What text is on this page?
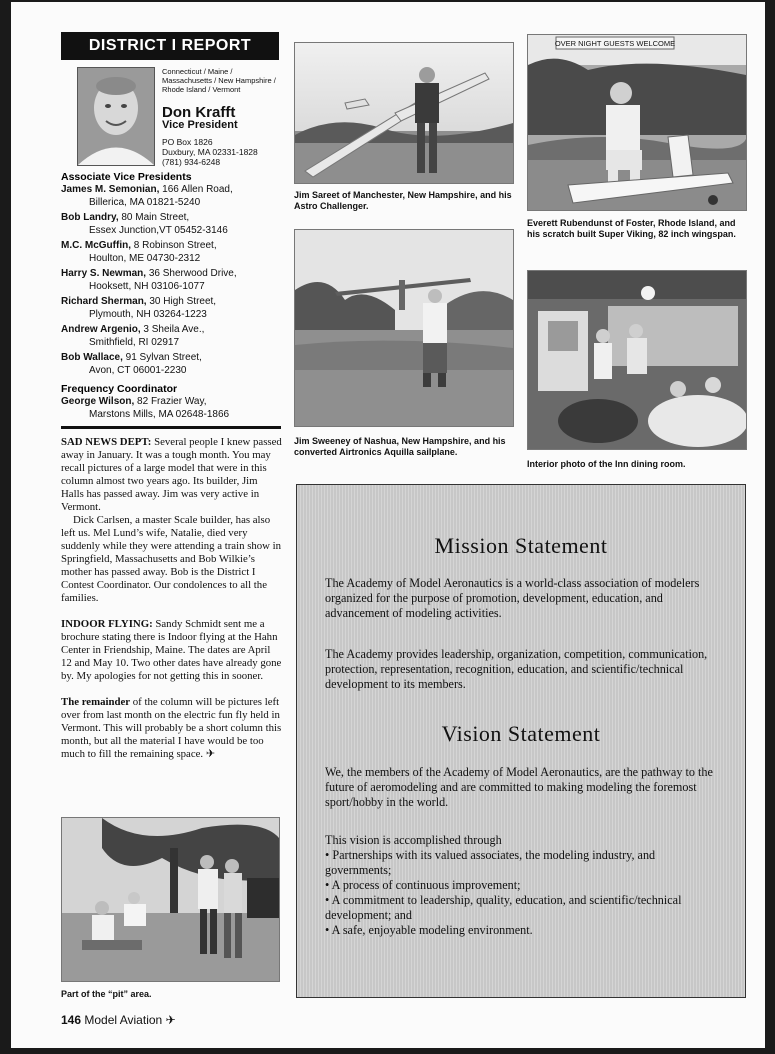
DISTRICT I REPORT
Connecticut / Maine / Massachusetts / New Hampshire / Rhode Island / Vermont
Don Krafft
Vice President
PO Box 1826
Duxbury, MA 02331-1828
(781) 934-6248
Associate Vice Presidents
James M. Semonian, 166 Allen Road,
Billerica, MA 01821-5240
Bob Landry, 80 Main Street,
Essex Junction,VT 05452-3146
M.C. McGuffin, 8 Robinson Street,
Houlton, ME 04730-2312
Harry S. Newman, 36 Sherwood Drive,
Hooksett, NH 03106-1077
Richard Sherman, 30 High Street,
Plymouth, NH 03264-1223
Andrew Argenio, 3 Sheila Ave.,
Smithfield, RI 02917
Bob Wallace, 91 Sylvan Street,
Avon, CT 06001-2230
Frequency Coordinator
George Wilson, 82 Frazier Way,
Marstons Mills, MA 02648-1866

SAD NEWS DEPT: Several people I knew passed away in January. It was a tough month. You may recall pictures of a large model that were in this column almost two years ago. Its builder, Jim Halls has passed away. Jim was very active in Vermont.

Dick Carlsen, a master Scale builder, has also left us. Mel Lund’s wife, Natalie, died very suddenly while they were attending a train show in Springfield, Massachusetts and Bob Wilkie’s mother has passed away. Bob is the District I Contest Coordinator. Our condolences to all the families.

INDOOR FLYING: Sandy Schmidt sent me a brochure stating there is Indoor flying at the Hahn Center in Friendship, Maine. The dates are April 12 and May 10. Two other dates have already gone by. My apologies for not getting this in sooner.

The remainder of the column will be pictures left over from last month on the electric fun fly held in Vermont. This will probably be a short column this month, but all the material I have would be too much to fill the remaining space. ✈

Jim Sareet of Manchester, New Hampshire, and his Astro Challenger.
OVER NIGHT GUESTS WELCOME
Everett Rubendunst of Foster, Rhode Island, and his scratch built Super Viking, 82 inch wingspan.
Jim Sweeney of Nashua, New Hampshire, and his converted Airtronics Aquilla sailplane.
Interior photo of the Inn dining room.
Part of the “pit” area.
Mission Statement
The Academy of Model Aeronautics is a world-class association of modelers organized for the purpose of promotion, development, education, and advancement of modeling activities.
The Academy provides leadership, organization, competition, communication, protection, representation, recognition, education, and scientific/technical development to its members.
Vision Statement
We, the members of the Academy of Model Aeronautics, are the pathway to the future of aeromodeling and are committed to making modeling the foremost sport/hobby in the world.
This vision is accomplished through
• Partnerships with its valued associates, the modeling industry, and governments;
• A process of continuous improvement;
• A commitment to leadership, quality, education, and scientific/technical development; and
• A safe, enjoyable modeling environment.
146 Model Aviation ✈
